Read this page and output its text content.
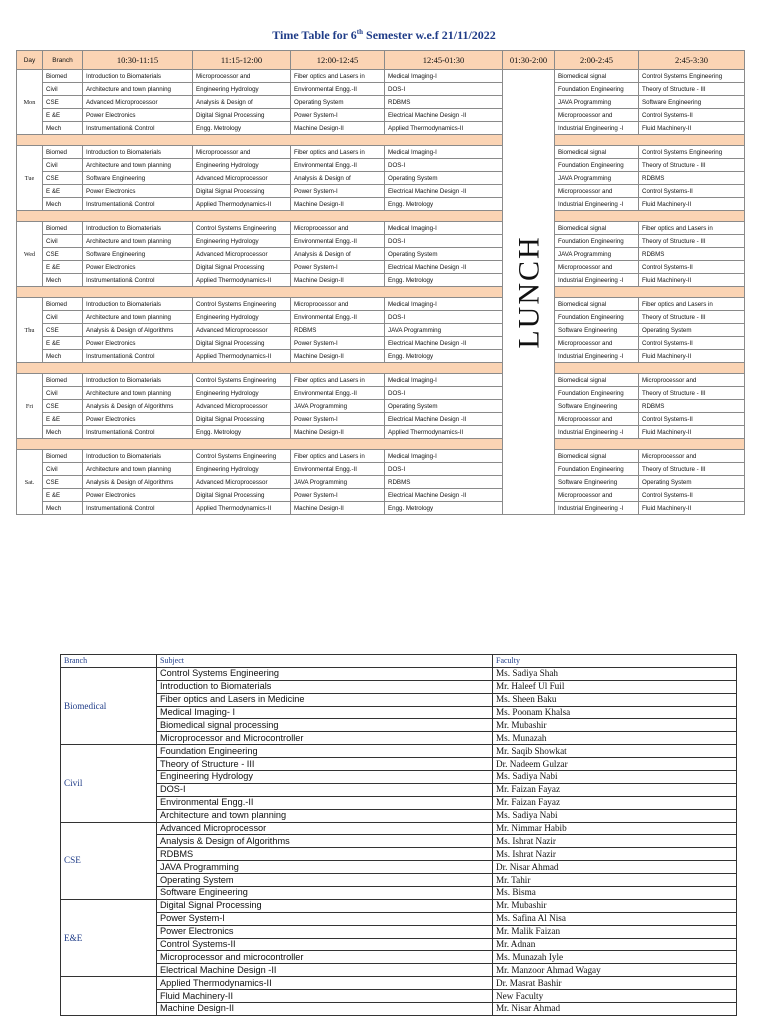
Time Table for 6th Semester w.e.f 21/11/2022
Day	Branch	10:30-11:15	11:15-12:00	12:00-12:45	12:45-01:30	01:30-2:00	2:00-2:45	2:45-3:30
Mon	Biomed	Introduction to Biomaterials	Microprocessor and	Fiber optics and Lasers in	Medical Imaging-I	LUNCH	Biomedical signal	Control Systems Engineering
	Civil	Architecture and town planning	Engineering Hydrology	Environmental Engg.-II	DOS-I		Foundation Engineering	Theory of Structure - III
	CSE	Advanced Microprocessor	Analysis & Design of	Operating System	RDBMS		JAVA Programming	Software Engineering
	E &E	Power Electronics	Digital Signal Processing	Power System-I	Electrical Machine Design -II		Microprocessor and	Control Systems-II
	Mech	Instrumentation& Control	Engg. Metrology	Machine Design-II	Applied Thermodynamics-II		Industrial Engineering -I	Fluid Machinery-II

Tue	Biomed	Introduction to Biomaterials	Microprocessor and	Fiber optics and Lasers in	Medical Imaging-I		Biomedical signal	Control Systems Engineering
	Civil	Architecture and town planning	Engineering Hydrology	Environmental Engg.-II	DOS-I		Foundation Engineering	Theory of Structure - III
	CSE	Software Engineering	Advanced Microprocessor	Analysis & Design of	Operating System		JAVA Programming	RDBMS
	E &E	Power Electronics	Digital Signal Processing	Power System-I	Electrical Machine Design -II		Microprocessor and	Control Systems-II
	Mech	Instrumentation& Control	Applied Thermodynamics-II	Machine Design-II	Engg. Metrology		Industrial Engineering -I	Fluid Machinery-II

Wed	Biomed	Introduction to Biomaterials	Control Systems Engineering	Microprocessor and	Medical Imaging-I		Biomedical signal	Fiber optics and Lasers in
	Civil	Architecture and town planning	Engineering Hydrology	Environmental Engg.-II	DOS-I		Foundation Engineering	Theory of Structure - III
	CSE	Software Engineering	Advanced Microprocessor	Analysis & Design of	Operating System		JAVA Programming	RDBMS
	E &E	Power Electronics	Digital Signal Processing	Power System-I	Electrical Machine Design -II		Microprocessor and	Control Systems-II
	Mech	Instrumentation& Control	Applied Thermodynamics-II	Machine Design-II	Engg. Metrology		Industrial Engineering -I	Fluid Machinery-II

Thu	Biomed	Introduction to Biomaterials	Control Systems Engineering	Microprocessor and	Medical Imaging-I		Biomedical signal	Fiber optics and Lasers in
	Civil	Architecture and town planning	Engineering Hydrology	Environmental Engg.-II	DOS-I		Foundation Engineering	Theory of Structure - III
	CSE	Analysis & Design of Algorithms	Advanced Microprocessor	RDBMS	JAVA Programming		Software Engineering	Operating System
	E &E	Power Electronics	Digital Signal Processing	Power System-I	Electrical Machine Design -II		Microprocessor and	Control Systems-II
	Mech	Instrumentation& Control	Applied Thermodynamics-II	Machine Design-II	Engg. Metrology		Industrial Engineering -I	Fluid Machinery-II

Fri	Biomed	Introduction to Biomaterials	Control Systems Engineering	Fiber optics and Lasers in	Medical Imaging-I		Biomedical signal	Microprocessor and
	Civil	Architecture and town planning	Engineering Hydrology	Environmental Engg.-II	DOS-I		Foundation Engineering	Theory of Structure - III
	CSE	Analysis & Design of Algorithms	Advanced Microprocessor	JAVA Programming	Operating System		Software Engineering	RDBMS
	E &E	Power Electronics	Digital Signal Processing	Power System-I	Electrical Machine Design -II		Microprocessor and	Control Systems-II
	Mech	Instrumentation& Control	Engg. Metrology	Machine Design-II	Applied Thermodynamics-II		Industrial Engineering -I	Fluid Machinery-II

Sat.	Biomed	Introduction to Biomaterials	Control Systems Engineering	Fiber optics and Lasers in	Medical Imaging-I		Biomedical signal	Microprocessor and
	Civil	Architecture and town planning	Engineering Hydrology	Environmental Engg.-II	DOS-I		Foundation Engineering	Theory of Structure - III
	CSE	Analysis & Design of Algorithms	Advanced Microprocessor	JAVA Programming	RDBMS		Software Engineering	Operating System
	E &E	Power Electronics	Digital Signal Processing	Power System-I	Electrical Machine Design -II		Microprocessor and	Control Systems-II
	Mech	Instrumentation& Control	Applied Thermodynamics-II	Machine Design-II	Engg. Metrology		Industrial Engineering -I	Fluid Machinery-II
Branch	Subject	Faculty
Biomedical	Control Systems Engineering	Ms. Sadiya Shah
	Introduction to Biomaterials	Mr. Haleef Ul Fuil
	Fiber optics and Lasers in Medicine	Ms. Sheen Baku
	Medical Imaging- I	Ms. Poonam Khalsa
	Biomedical signal processing	Mr. Mubashir
	Microprocessor and Microcontroller	Ms. Munazah
Civil	Foundation Engineering	Mr. Saqib Showkat
	Theory of Structure - III	Dr. Nadeem Gulzar
	Engineering Hydrology	Ms. Sadiya Nabi
	DOS-I	Mr. Faizan Fayaz
	Environmental Engg.-II	Mr. Faizan Fayaz
	Architecture and town planning	Ms. Sadiya Nabi
CSE	Advanced Microprocessor	Mr. Nimmar Habib
	Analysis & Design of Algorithms	Ms. Ishrat Nazir
	RDBMS	Ms. Ishrat Nazir
	JAVA Programming	Dr. Nisar Ahmad
	Operating System	Mr. Tahir
	Software Engineering	Ms. Bisma
E&E	Digital Signal Processing	Mr. Mubashir
	Power System-I	Ms. Safina Al Nisa
	Power Electronics	Mr. Malik Faizan
	Control Systems-II	Mr. Adnan
	Microprocessor and microcontroller	Ms. Munazah Iyle
	Electrical Machine Design -II	Mr. Manzoor Ahmad Wagay
	Applied Thermodynamics-II	Dr. Masrat Bashir
	Fluid Machinery-II	New Faculty
	Machine Design-II	Mr. Nisar Ahmad
